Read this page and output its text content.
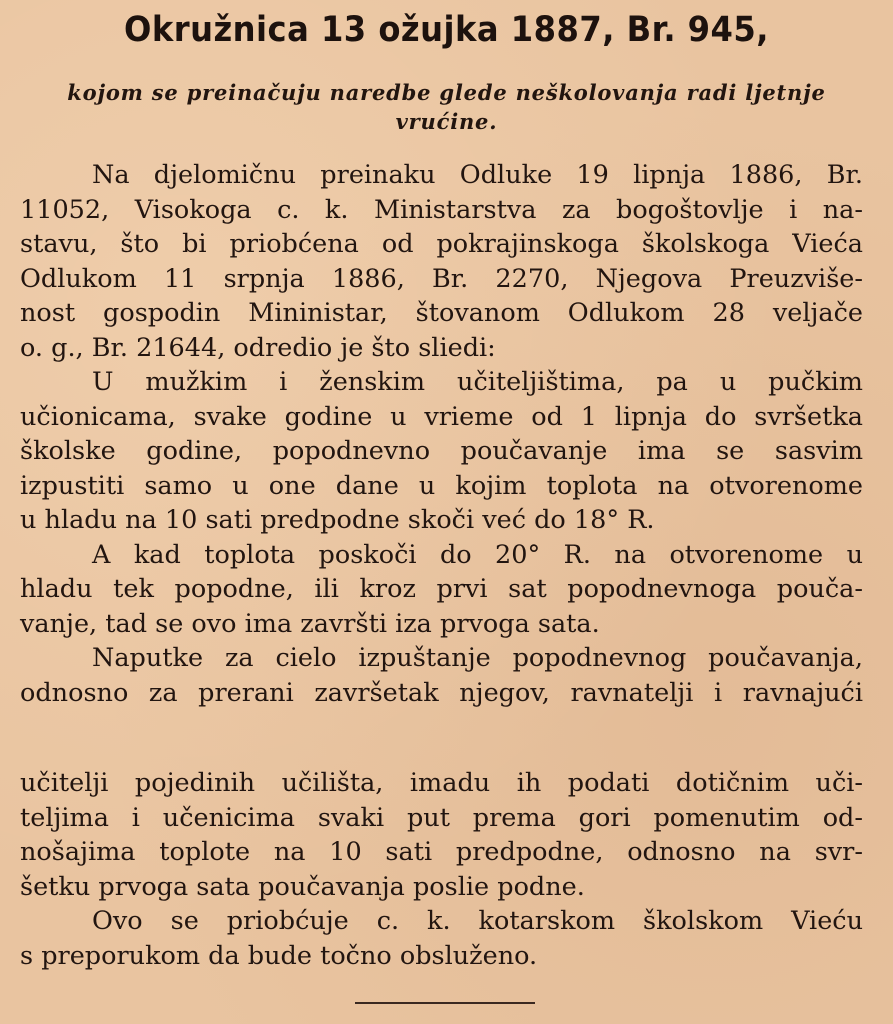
Okružnica 13 ožujka 1887, Br. 945,
kojom se preinačuju naredbe glede neškolovanja radi ljetnje
vrućine.
Na djelomičnu preinaku Odluke 19 lipnja 1886, Br.
11052, Visokoga c. k. Ministarstva za bogoštovlje i na-
stavu, što bi priobćena od pokrajinskoga školskoga Vieća
Odlukom 11 srpnja 1886, Br. 2270, Njegova Preuzviše-
nost gospodin Mininistar, štovanom Odlukom 28 veljače
o. g., Br. 21644, odredio je što sliedi:
U mužkim i ženskim učiteljištima, pa u pučkim
učionicama, svake godine u vrieme od 1 lipnja do svršetka
školske godine, popodnevno poučavanje ima se sasvim
izpustiti samo u one dane u kojim toplota na otvorenome
u hladu na 10 sati predpodne skoči već do 18° R.
A kad toplota poskoči do 20° R. na otvorenome u
hladu tek popodne, ili kroz prvi sat popodnevnoga pouča-
vanje, tad se ovo ima završti iza prvoga sata.
Naputke za cielo izpuštanje popodnevnog poučavanja,
odnosno za preranі završetak njegov, ravnatelji i ravnajući
učitelji pojedinih učilišta, imadu ih podati dotičnim uči-
teljima i učenicima svaki put prema gori pomenutim od-
nošajima toplote na 10 sati predpodne, odnosno na svr-
šetku prvoga sata poučavanja poslie podne.
Ovo se priobćuje c. k. kotarskom školskom Vieću
s preporukom da bude točno obsluženo.
